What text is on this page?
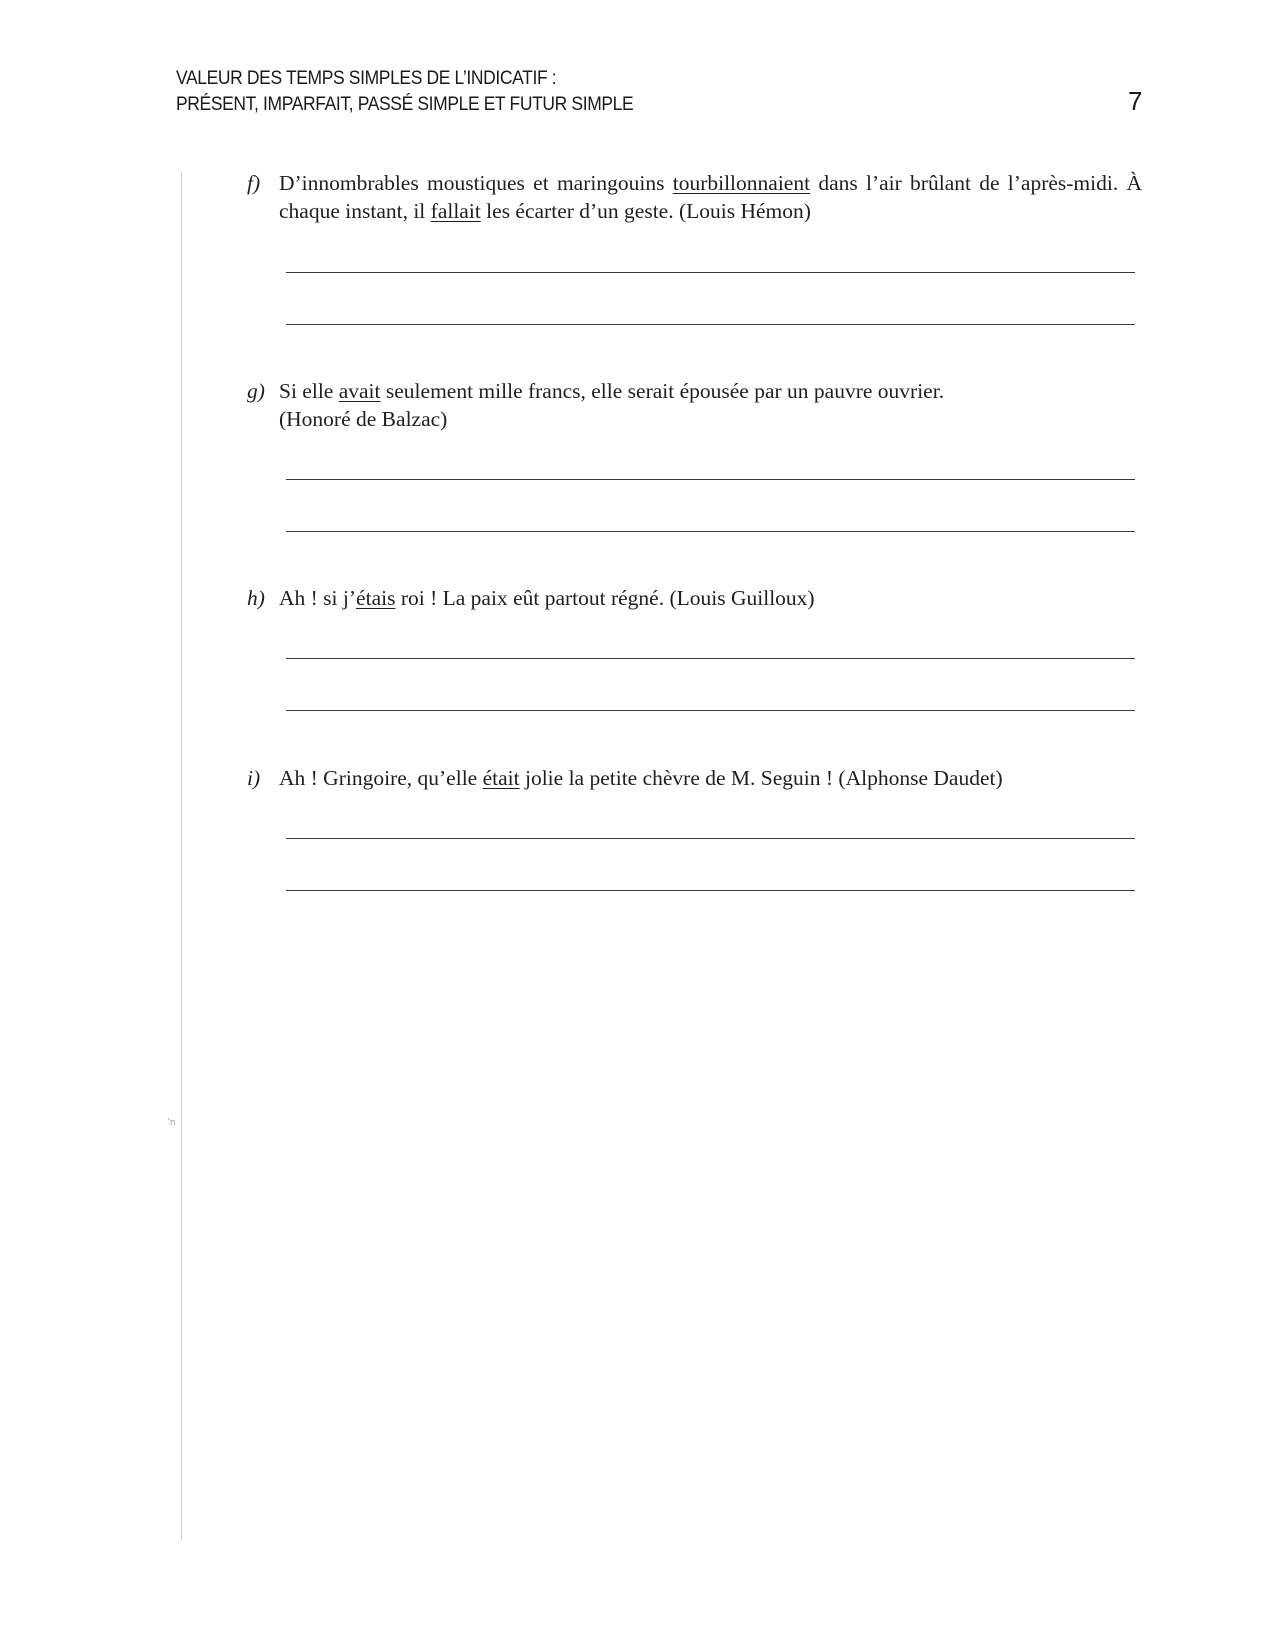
VALEUR DES TEMPS SIMPLES DE L’INDICATIF :
PRÉSENT, IMPARFAIT, PASSÉ SIMPLE ET FUTUR SIMPLE	7
ʼn
f) D’innombrables moustiques et maringouins tourbillonnaient dans l’air brûlant de l’après-midi. À chaque instant, il fallait les écarter d’un geste. (Louis Hémon)
g) Si elle avait seulement mille francs, elle serait épousée par un pauvre ouvrier.
(Honoré de Balzac)
h) Ah ! si j’étais roi ! La paix eût partout régné. (Louis Guilloux)
i) Ah ! Gringoire, qu’elle était jolie la petite chèvre de M. Seguin ! (Alphonse Daudet)
